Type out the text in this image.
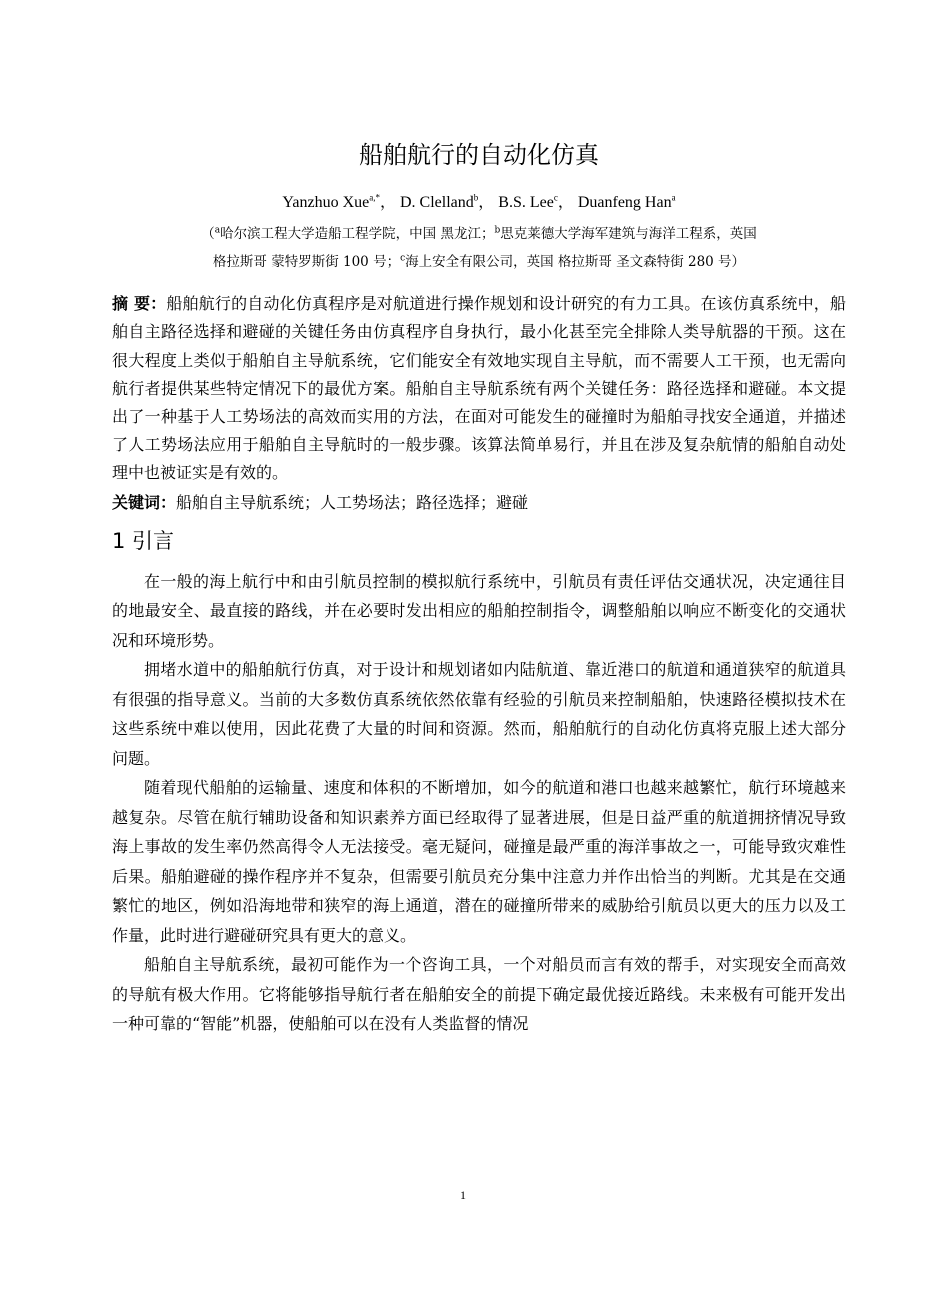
船舶航行的自动化仿真
Yanzhuo Xue$^{a,*}$， D. Clelland$^b$， B.S. Lee$^c$， Duanfeng Han$^a$
（$^a$哈尔滨工程大学造船工程学院，中国 黑龙江；$^b$思克莱德大学海军建筑与海洋工程系，英国
格拉斯哥 蒙特罗斯街 100 号；$^c$海上安全有限公司，英国 格拉斯哥 圣文森特街 280 号）
摘 要：船舶航行的自动化仿真程序是对航道进行操作规划和设计研究的有力工具。在该仿真系统中，船舶自主路径选择和避碰的关键任务由仿真程序自身执行，最小化甚至完全排除人类导航器的干预。这在很大程度上类似于船舶自主导航系统，它们能安全有效地实现自主导航，而不需要人工干预，也无需向航行者提供某些特定情况下的最优方案。船舶自主导航系统有两个关键任务：路径选择和避碰。本文提出了一种基于人工势场法的高效而实用的方法，在面对可能发生的碰撞时为船舶寻找安全通道，并描述了人工势场法应用于船舶自主导航时的一般步骤。该算法简单易行，并且在涉及复杂航情的船舶自动处理中也被证实是有效的。
关键词：船舶自主导航系统；人工势场法；路径选择；避碰
1 引言

在一般的海上航行中和由引航员控制的模拟航行系统中，引航员有责任评估交通状况，决定通往目的地最安全、最直接的路线，并在必要时发出相应的船舶控制指令，调整船舶以响应不断变化的交通状况和环境形势。

拥堵水道中的船舶航行仿真，对于设计和规划诸如内陆航道、靠近港口的航道和通道狭窄的航道具有很强的指导意义。当前的大多数仿真系统依然依靠有经验的引航员来控制船舶，快速路径模拟技术在这些系统中难以使用，因此花费了大量的时间和资源。然而，船舶航行的自动化仿真将克服上述大部分问题。

随着现代船舶的运输量、速度和体积的不断增加，如今的航道和港口也越来越繁忙，航行环境越来越复杂。尽管在航行辅助设备和知识素养方面已经取得了显著进展，但是日益严重的航道拥挤情况导致海上事故的发生率仍然高得令人无法接受。毫无疑问，碰撞是最严重的海洋事故之一，可能导致灾难性后果。船舶避碰的操作程序并不复杂，但需要引航员充分集中注意力并作出恰当的判断。尤其是在交通繁忙的地区，例如沿海地带和狭窄的海上通道，潜在的碰撞所带来的威胁给引航员以更大的压力以及工作量，此时进行避碰研究具有更大的意义。

船舶自主导航系统，最初可能作为一个咨询工具，一个对船员而言有效的帮手，对实现安全而高效的导航有极大作用。它将能够指导航行者在船舶安全的前提下确定最优接近路线。未来极有可能开发出一种可靠的“智能”机器，使船舶可以在没有人类监督的情况

1
